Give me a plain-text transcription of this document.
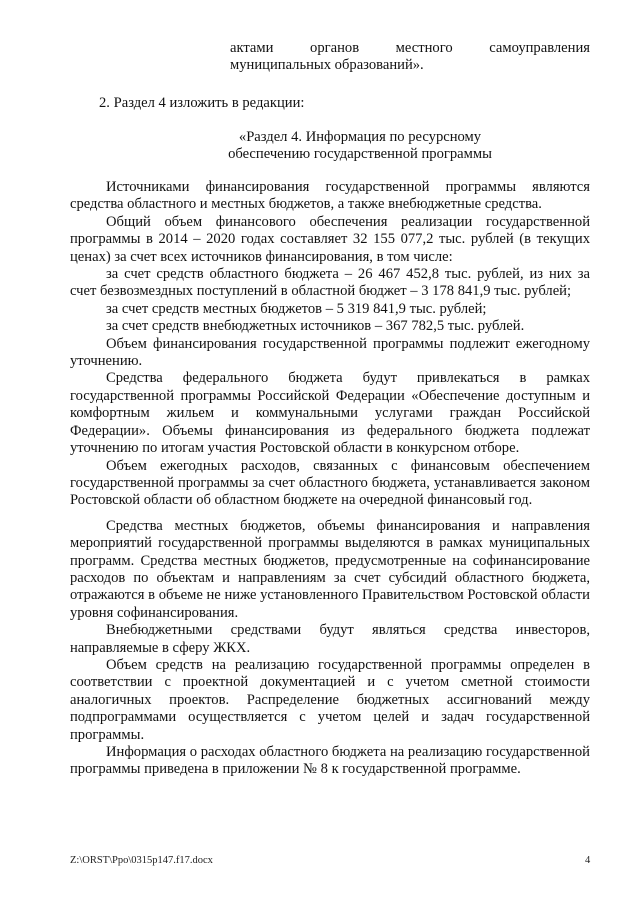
актами органов местного самоуправления
муниципальных образований».
2. Раздел 4 изложить в редакции:
«Раздел 4. Информация по ресурсному
обеспечению государственной программы

Источниками финансирования государственной программы являются средства областного и местных бюджетов, а также внебюджетные средства.

Общий объем финансового обеспечения реализации государственной программы в 2014 – 2020 годах составляет 32 155 077,2 тыс. рублей (в текущих ценах) за счет всех источников финансирования, в том числе:

за счет средств областного бюджета – 26 467 452,8 тыс. рублей, из них за счет безвозмездных поступлений в областной бюджет – 3 178 841,9 тыс. рублей;

за счет средств местных бюджетов – 5 319 841,9 тыс. рублей;

за счет средств внебюджетных источников – 367 782,5 тыс. рублей.

Объем финансирования государственной программы подлежит ежегодному уточнению.

Средства федерального бюджета будут привлекаться в рамках государственной программы Российской Федерации «Обеспечение доступным и комфортным жильем и коммунальными услугами граждан Российской Федерации». Объемы финансирования из федерального бюджета подлежат уточнению по итогам участия Ростовской области в конкурсном отборе.

Объем ежегодных расходов, связанных с финансовым обеспечением государственной программы за счет областного бюджета, устанавливается законом Ростовской области об областном бюджете на очередной финансовый год.

Средства местных бюджетов, объемы финансирования и направления мероприятий государственной программы выделяются в рамках муниципальных программ. Средства местных бюджетов, предусмотренные на софинансирование расходов по объектам и направлениям за счет субсидий областного бюджета, отражаются в объеме не ниже установленного Правительством Ростовской области уровня софинансирования.

Внебюджетными средствами будут являться средства инвесторов, направляемые в сферу ЖКХ.

Объем средств на реализацию государственной программы определен в соответствии с проектной документацией и с учетом сметной стоимости аналогичных проектов. Распределение бюджетных ассигнований между подпрограммами осуществляется с учетом целей и задач государственной программы.

Информация о расходах областного бюджета на реализацию государственной программы приведена в приложении № 8 к государственной программе.

Z:\ORST\Ppo\0315p147.f17.docx	4
